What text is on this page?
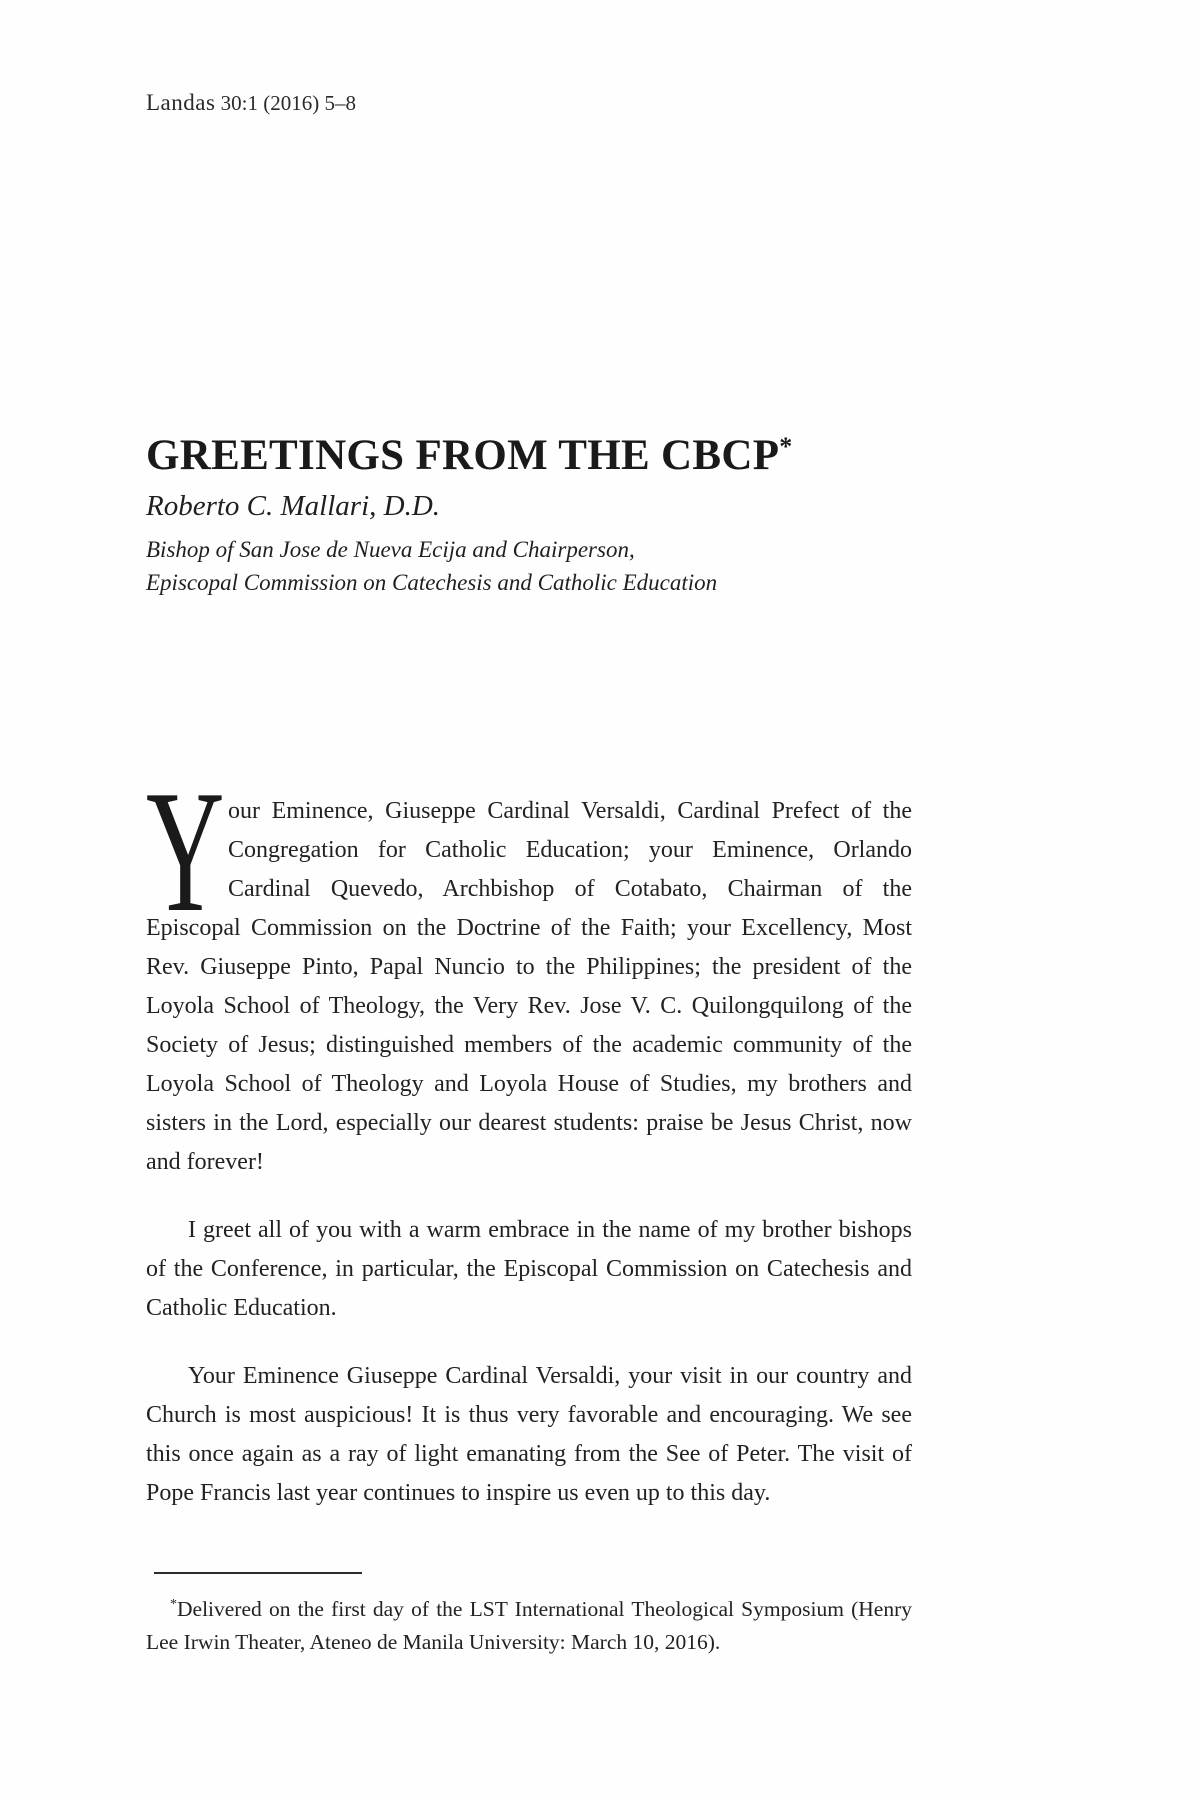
Landas 30:1 (2016) 5–8
GREETINGS FROM THE CBCP*
Roberto C. Mallari, D.D.
Bishop of San Jose de Nueva Ecija and Chairperson,
Episcopal Commission on Catechesis and Catholic Education

Your Eminence, Giuseppe Cardinal Versaldi, Cardinal Prefect of the Congregation for Catholic Education; your Eminence, Orlando Cardinal Quevedo, Archbishop of Cotabato, Chairman of the Episcopal Commission on the Doctrine of the Faith; your Excellency, Most Rev. Giuseppe Pinto, Papal Nuncio to the Philippines; the president of the Loyola School of Theology, the Very Rev. Jose V. C. Quilongquilong of the Society of Jesus; distinguished members of the academic community of the Loyola School of Theology and Loyola House of Studies, my brothers and sisters in the Lord, especially our dearest students: praise be Jesus Christ, now and forever!

I greet all of you with a warm embrace in the name of my brother bishops of the Conference, in particular, the Episcopal Commission on Catechesis and Catholic Education.

Your Eminence Giuseppe Cardinal Versaldi, your visit in our country and Church is most auspicious! It is thus very favorable and encouraging. We see this once again as a ray of light emanating from the See of Peter. The visit of Pope Francis last year continues to inspire us even up to this day.

*Delivered on the first day of the LST International Theological Symposium (Henry Lee Irwin Theater, Ateneo de Manila University: March 10, 2016).
